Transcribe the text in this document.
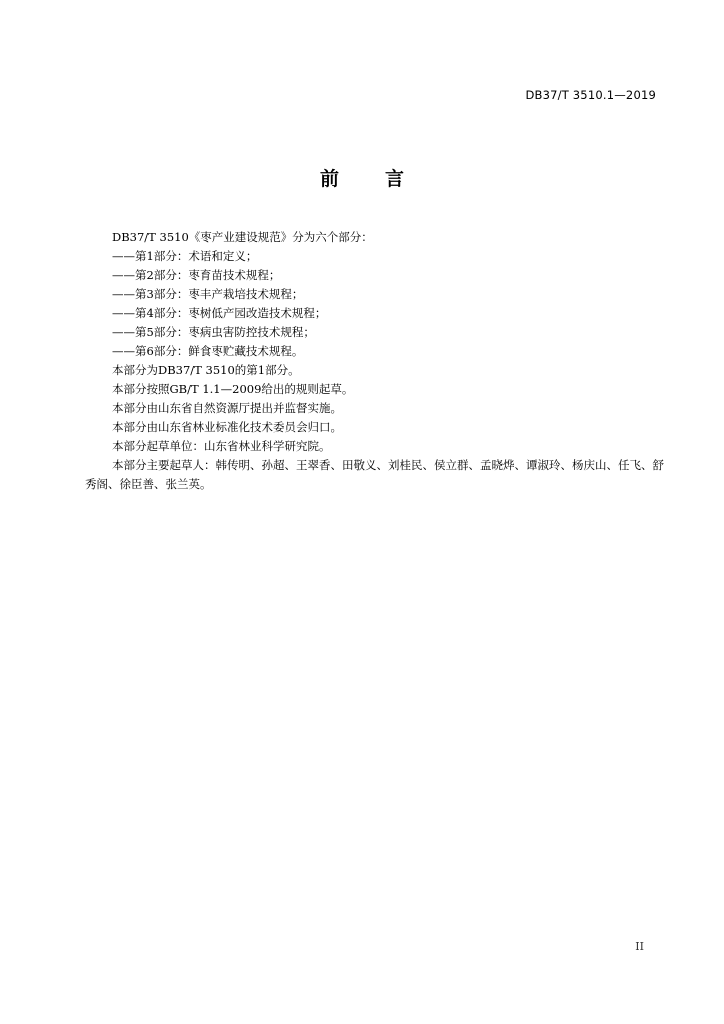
DB37/T 3510.1—2019
前 言

DB37/T 3510《枣产业建设规范》分为六个部分：

——第1部分：术语和定义；

——第2部分：枣育苗技术规程；

——第3部分：枣丰产栽培技术规程；

——第4部分：枣树低产园改造技术规程；

——第5部分：枣病虫害防控技术规程；

——第6部分：鲜食枣贮藏技术规程。

本部分为DB37/T 3510的第1部分。

本部分按照GB/T 1.1—2009给出的规则起草。

本部分由山东省自然资源厅提出并监督实施。

本部分由山东省林业标准化技术委员会归口。

本部分起草单位：山东省林业科学研究院。

本部分主要起草人：韩传明、孙超、王翠香、田敬义、刘桂民、侯立群、孟晓烨、谭淑玲、杨庆山、任飞、舒秀阁、徐臣善、张兰英。

II
